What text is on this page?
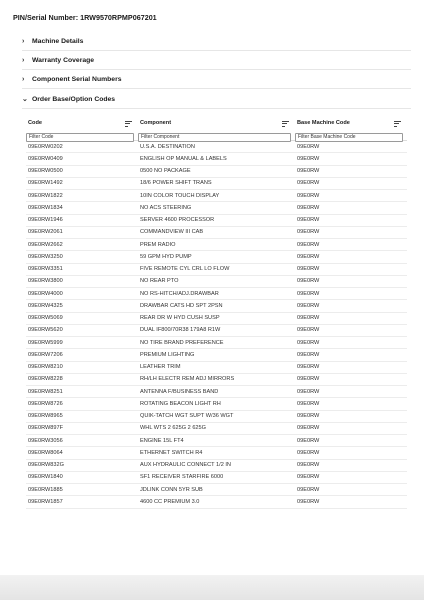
PIN/Serial Number: 1RW9570RPMP067201
›	Machine Details
›	Warranty Coverage
›	Component Serial Numbers
⌄ Order Base/Option Codes
Code	Component	Base Machine Code
Filter Code
Filter Component
Filter Base Machine Code
09E0RW0202	U.S.A. DESTINATION	09E0RW
09E0RW0409	ENGLISH OP MANUAL & LABELS	09E0RW
09E0RW0500	0500 NO PACKAGE	09E0RW
09E0RW1492	18/6 POWER SHIFT TRANS	09E0RW
09E0RW1822	10IN COLOR TOUCH DISPLAY	09E0RW
09E0RW1834	NO ACS STEERING	09E0RW
09E0RW1946	SERVER 4600 PROCESSOR	09E0RW
09E0RW2061	COMMANDVIEW III CAB	09E0RW
09E0RW2662	PREM RADIO	09E0RW
09E0RW3250	59 GPM HYD PUMP	09E0RW
09E0RW3351	FIVE REMOTE CYL CRL LO FLOW	09E0RW
09E0RW3800	NO REAR PTO	09E0RW
09E0RW4000	NO RS-HITCH/ADJ.DRAWBAR	09E0RW
09E0RW4325	DRAWBAR CATS HD SPT 2PSN	09E0RW
09E0RW5069	REAR DR W HYD CUSH SUSP	09E0RW
09E0RW5620	DUAL IF800/70R38 179A8 R1W	09E0RW
09E0RW5999	NO TIRE BRAND PREFERENCE	09E0RW
09E0RW7206	PREMIUM LIGHTING	09E0RW
09E0RW8210	LEATHER TRIM	09E0RW
09E0RW8228	RH/LH ELECTR REM ADJ MIRRORS	09E0RW
09E0RW8251	ANTENNA F/BUSINESS BAND	09E0RW
09E0RW8726	ROTATING BEACON LIGHT RH	09E0RW
09E0RW8965	QUIK-TATCH WGT SUPT W/36 WGT	09E0RW
09E0RW897F	WHL WTS 2 625G 2 625G	09E0RW
09E0RW3056	ENGINE 15L FT4	09E0RW
09E0RW8064	ETHERNET SWITCH R4	09E0RW
09E0RW832G	AUX HYDRAULIC CONNECT 1/2 IN	09E0RW
09E0RW1840	SF1 RECEIVER STARFIRE 6000	09E0RW
09E0RW1885	JDLINK CONN 5YR SUB	09E0RW
09E0RW1857	4600 CC PREMIUM 3.0	09E0RW
